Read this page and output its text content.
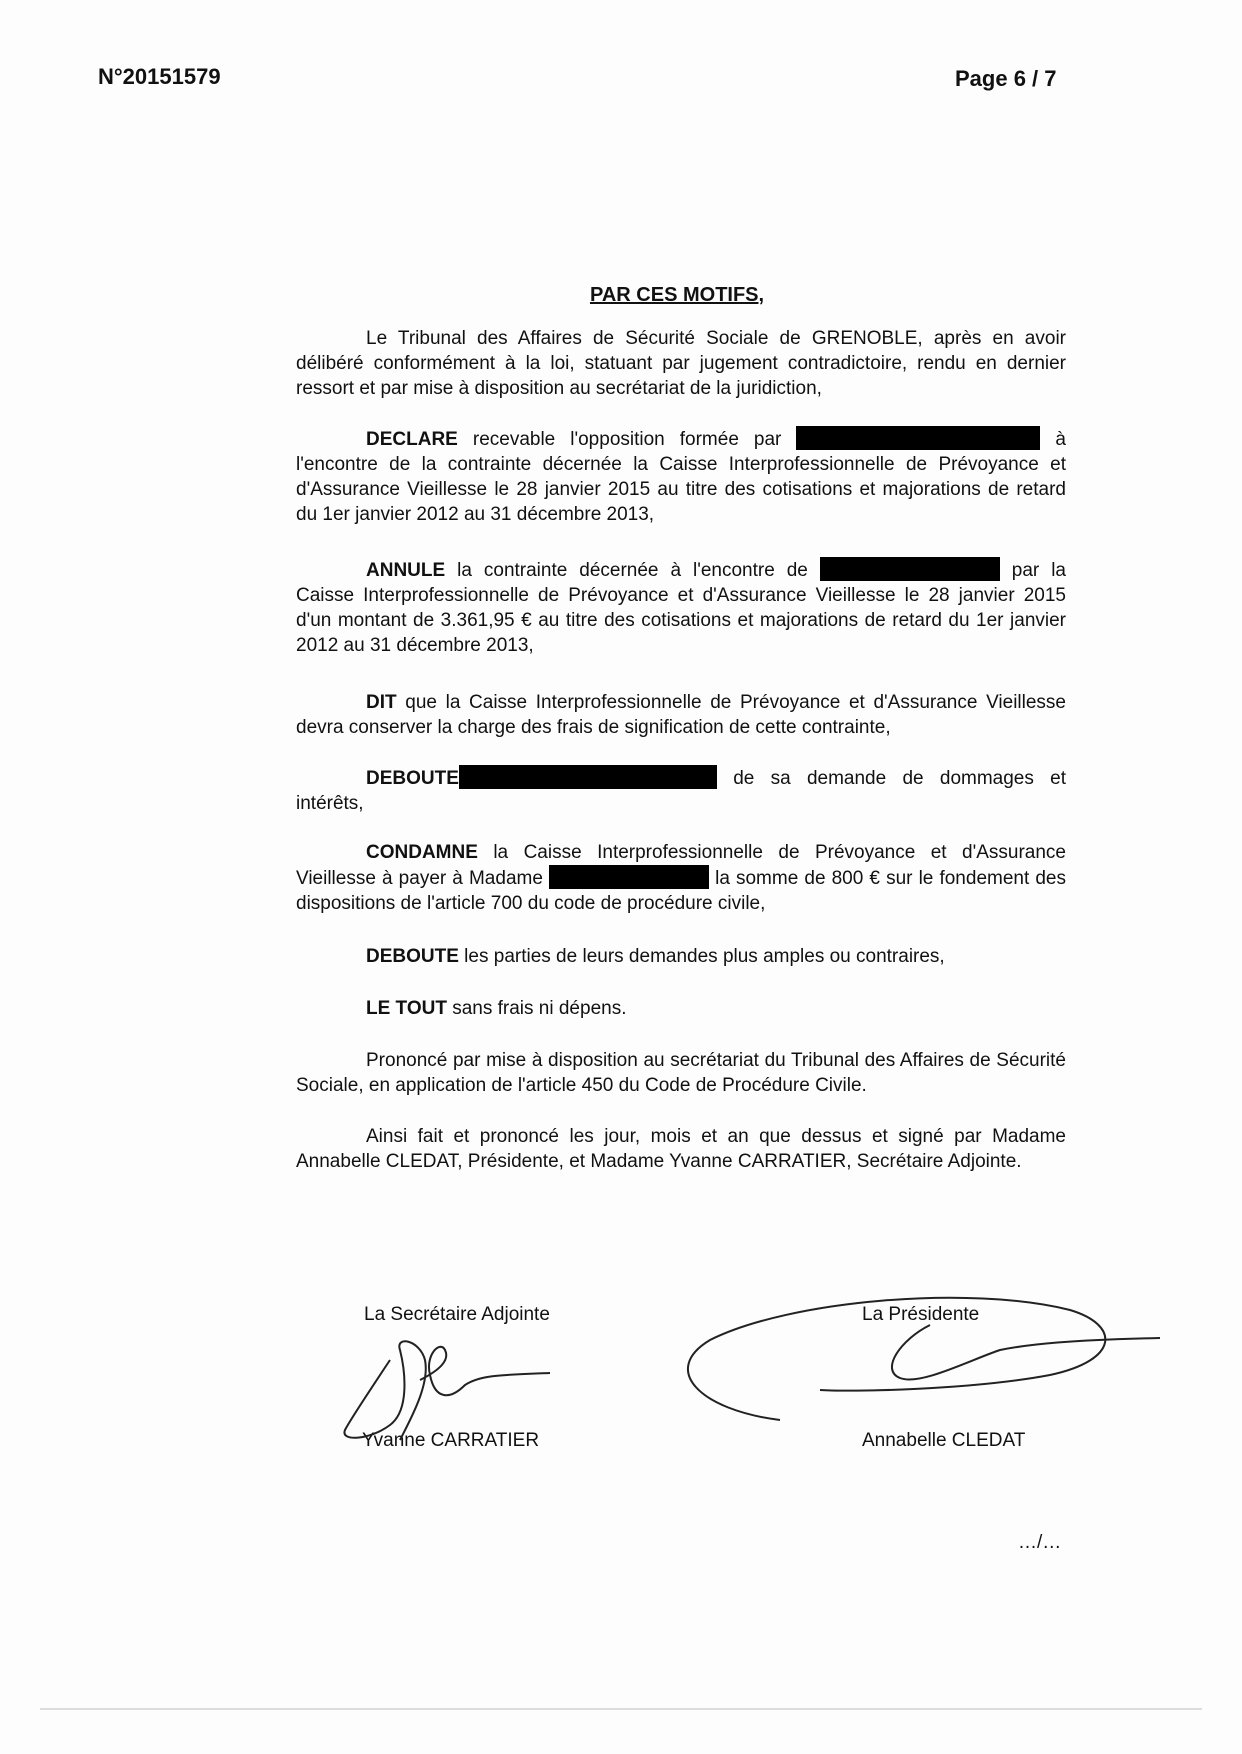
N°20151579	Page 6 / 7
PAR CES MOTIFS,
Le Tribunal des Affaires de Sécurité Sociale de GRENOBLE, après en avoir délibéré conformément à la loi, statuant par jugement contradictoire, rendu en dernier ressort et par mise à disposition au secrétariat de la juridiction,
DECLARE recevable l'opposition formée par	à l'encontre de la contrainte décernée la Caisse Interprofessionnelle de Prévoyance et d'Assurance Vieillesse le 28 janvier 2015 au titre des cotisations et majorations de retard du 1er janvier 2012 au 31 décembre 2013,
ANNULE la contrainte décernée à l'encontre de	par la Caisse Interprofessionnelle de Prévoyance et d'Assurance Vieillesse le 28 janvier 2015 d'un montant de 3.361,95 € au titre des cotisations et majorations de retard du 1er janvier 2012 au 31 décembre 2013,
DIT que la Caisse Interprofessionnelle de Prévoyance et d'Assurance Vieillesse devra conserver la charge des frais de signification de cette contrainte,
DEBOUTE	de sa demande de dommages et intérêts,
CONDAMNE la Caisse Interprofessionnelle de Prévoyance et d'Assurance Vieillesse à payer à Madame	la somme de 800 € sur le fondement des dispositions de l'article 700 du code de procédure civile,
DEBOUTE les parties de leurs demandes plus amples ou contraires,
LE TOUT sans frais ni dépens.
Prononcé par mise à disposition au secrétariat du Tribunal des Affaires de Sécurité Sociale, en application de l'article 450 du Code de Procédure Civile.
Ainsi fait et prononcé les jour, mois et an que dessus et signé par Madame Annabelle CLEDAT, Présidente, et Madame Yvanne CARRATIER, Secrétaire Adjointe.
La Secrétaire Adjointe
Yvanne CARRATIER
La Présidente
Annabelle CLEDAT
…/…
